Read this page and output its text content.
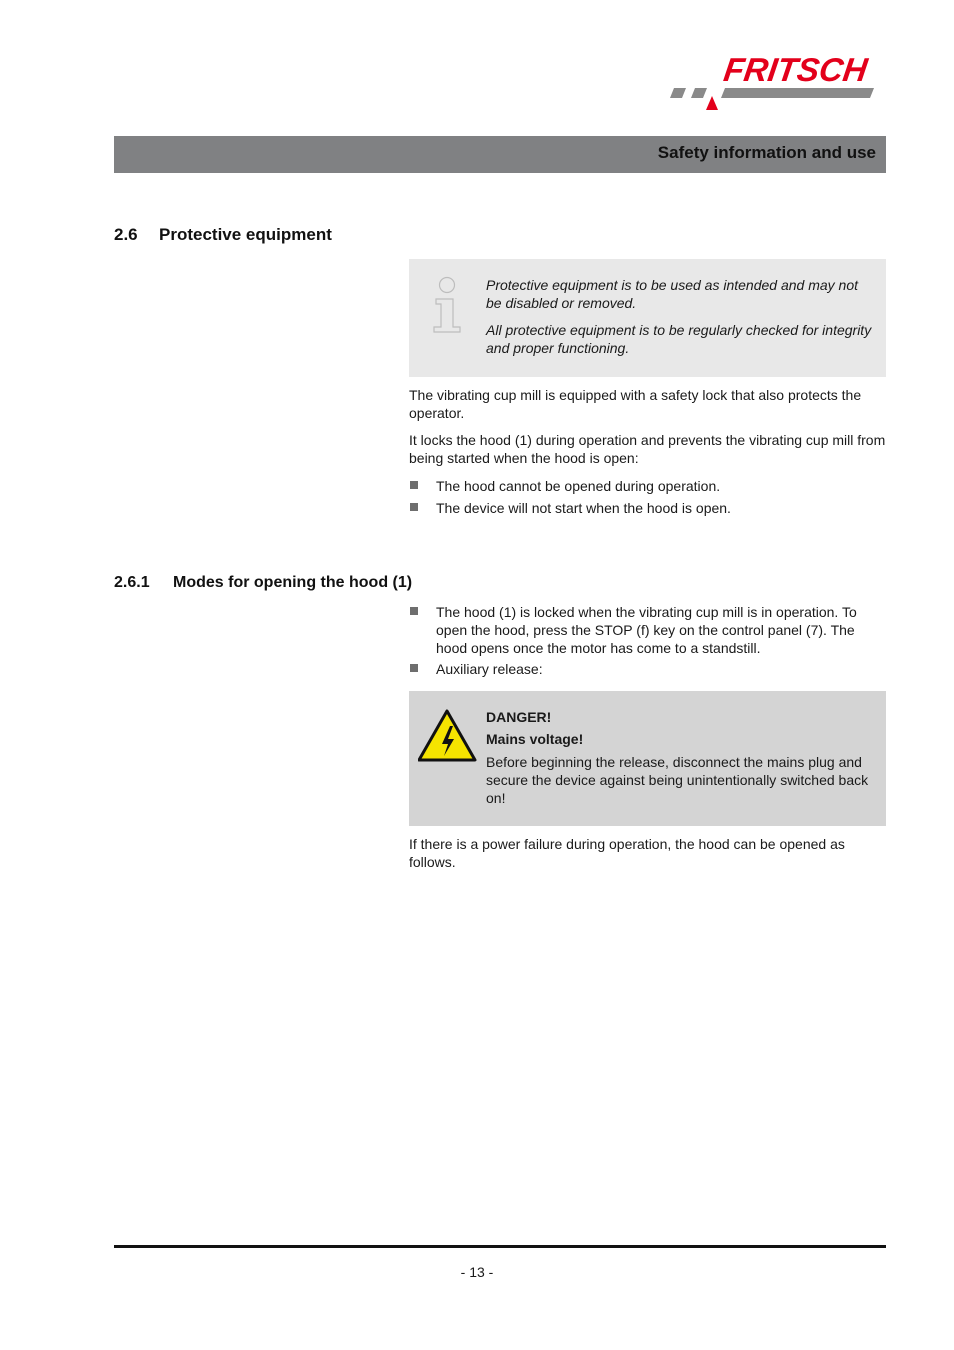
FRITSCH
Safety information and use
2.6 Protective equipment
Protective equipment is to be used as intended and may not be disabled or removed.
All protective equipment is to be regularly checked for integrity and proper functioning.
The vibrating cup mill is equipped with a safety lock that also protects the operator.
It locks the hood (1) during operation and prevents the vibrating cup mill from being started when the hood is open:
The hood cannot be opened during operation.
The device will not start when the hood is open.
2.6.1 Modes for opening the hood (1)
The hood (1) is locked when the vibrating cup mill is in operation. To open the hood, press the STOP (f) key on the control panel (7). The hood opens once the motor has come to a standstill.
Auxiliary release:
DANGER!
Mains voltage!
Before beginning the release, disconnect the mains plug and secure the device against being unintentionally switched back on!
If there is a power failure during operation, the hood can be opened as follows.
- 13 -
